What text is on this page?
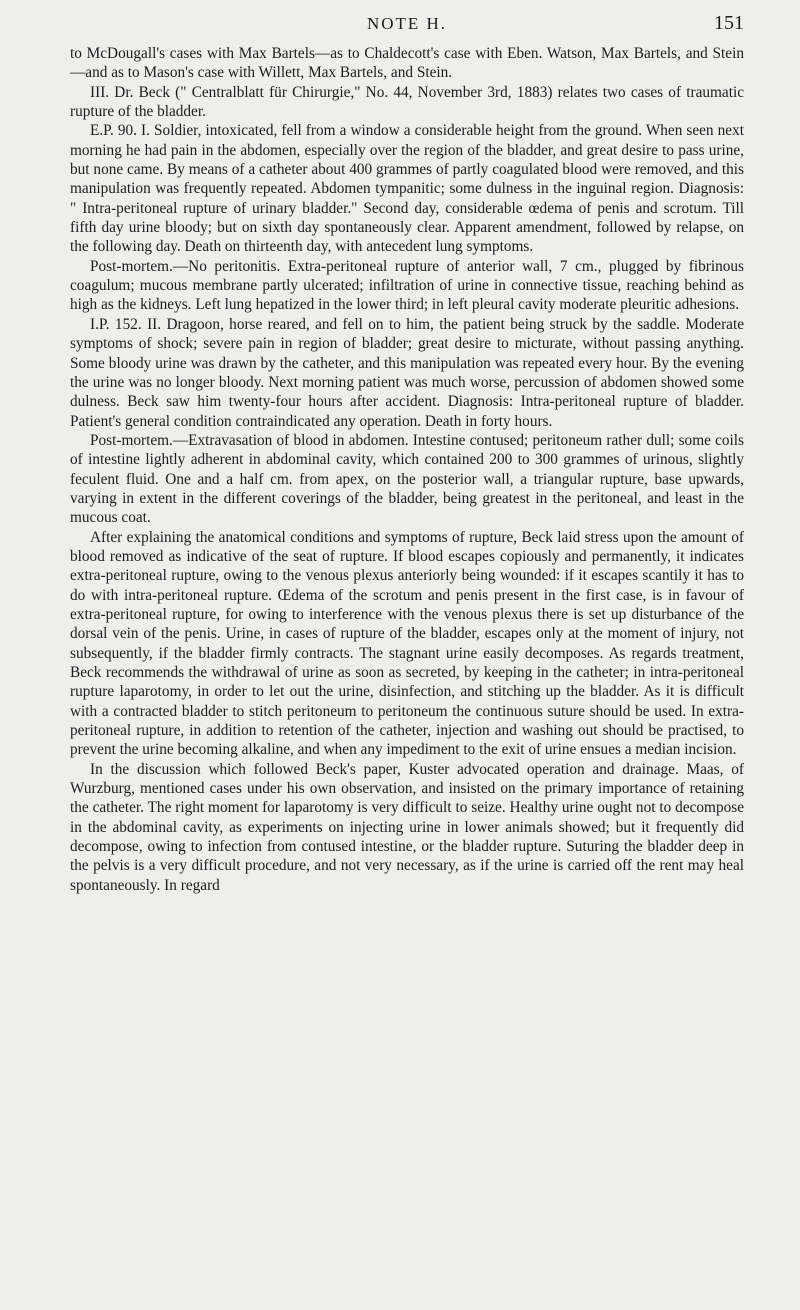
NOTE H.	151

to McDougall's cases with Max Bartels—as to Chaldecott's case with Eben. Watson, Max Bartels, and Stein—and as to Mason's case with Willett, Max Bartels, and Stein.

III. Dr. Beck (" Centralblatt für Chirurgie," No. 44, November 3rd, 1883) relates two cases of traumatic rupture of the bladder.

E.P. 90. I. Soldier, intoxicated, fell from a window a considerable height from the ground. When seen next morning he had pain in the abdomen, especially over the region of the bladder, and great desire to pass urine, but none came. By means of a catheter about 400 grammes of partly coagulated blood were removed, and this manipulation was frequently repeated. Abdomen tympanitic; some dulness in the inguinal region. Diagnosis: " Intra-peritoneal rupture of urinary bladder." Second day, considerable œdema of penis and scrotum. Till fifth day urine bloody; but on sixth day spontaneously clear. Apparent amendment, followed by relapse, on the following day. Death on thirteenth day, with antecedent lung symptoms.

Post-mortem.—No peritonitis. Extra-peritoneal rupture of anterior wall, 7 cm., plugged by fibrinous coagulum; mucous membrane partly ulcerated; infiltration of urine in connective tissue, reaching behind as high as the kidneys. Left lung hepatized in the lower third; in left pleural cavity moderate pleuritic adhesions.

I.P. 152. II. Dragoon, horse reared, and fell on to him, the patient being struck by the saddle. Moderate symptoms of shock; severe pain in region of bladder; great desire to micturate, without passing anything. Some bloody urine was drawn by the catheter, and this manipulation was repeated every hour. By the evening the urine was no longer bloody. Next morning patient was much worse, percussion of abdomen showed some dulness. Beck saw him twenty-four hours after accident. Diagnosis: Intra-peritoneal rupture of bladder. Patient's general condition contraindicated any operation. Death in forty hours.

Post-mortem.—Extravasation of blood in abdomen. Intestine contused; peritoneum rather dull; some coils of intestine lightly adherent in abdominal cavity, which contained 200 to 300 grammes of urinous, slightly feculent fluid. One and a half cm. from apex, on the posterior wall, a triangular rupture, base upwards, varying in extent in the different coverings of the bladder, being greatest in the peritoneal, and least in the mucous coat.

After explaining the anatomical conditions and symptoms of rupture, Beck laid stress upon the amount of blood removed as indicative of the seat of rupture. If blood escapes copiously and permanently, it indicates extra-peritoneal rupture, owing to the venous plexus anteriorly being wounded: if it escapes scantily it has to do with intra-peritoneal rupture. Œdema of the scrotum and penis present in the first case, is in favour of extra-peritoneal rupture, for owing to interference with the venous plexus there is set up disturbance of the dorsal vein of the penis. Urine, in cases of rupture of the bladder, escapes only at the moment of injury, not subsequently, if the bladder firmly contracts. The stagnant urine easily decomposes. As regards treatment, Beck recommends the withdrawal of urine as soon as secreted, by keeping in the catheter; in intra-peritoneal rupture laparotomy, in order to let out the urine, disinfection, and stitching up the bladder. As it is difficult with a contracted bladder to stitch peritoneum to peritoneum the continuous suture should be used. In extra-peritoneal rupture, in addition to retention of the catheter, injection and washing out should be practised, to prevent the urine becoming alkaline, and when any impediment to the exit of urine ensues a median incision.

In the discussion which followed Beck's paper, Kuster advocated operation and drainage. Maas, of Wurzburg, mentioned cases under his own observation, and insisted on the primary importance of retaining the catheter. The right moment for laparotomy is very difficult to seize. Healthy urine ought not to decompose in the abdominal cavity, as experiments on injecting urine in lower animals showed; but it frequently did decompose, owing to infection from contused intestine, or the bladder rupture. Suturing the bladder deep in the pelvis is a very difficult procedure, and not very necessary, as if the urine is carried off the rent may heal spontaneously. In regard
